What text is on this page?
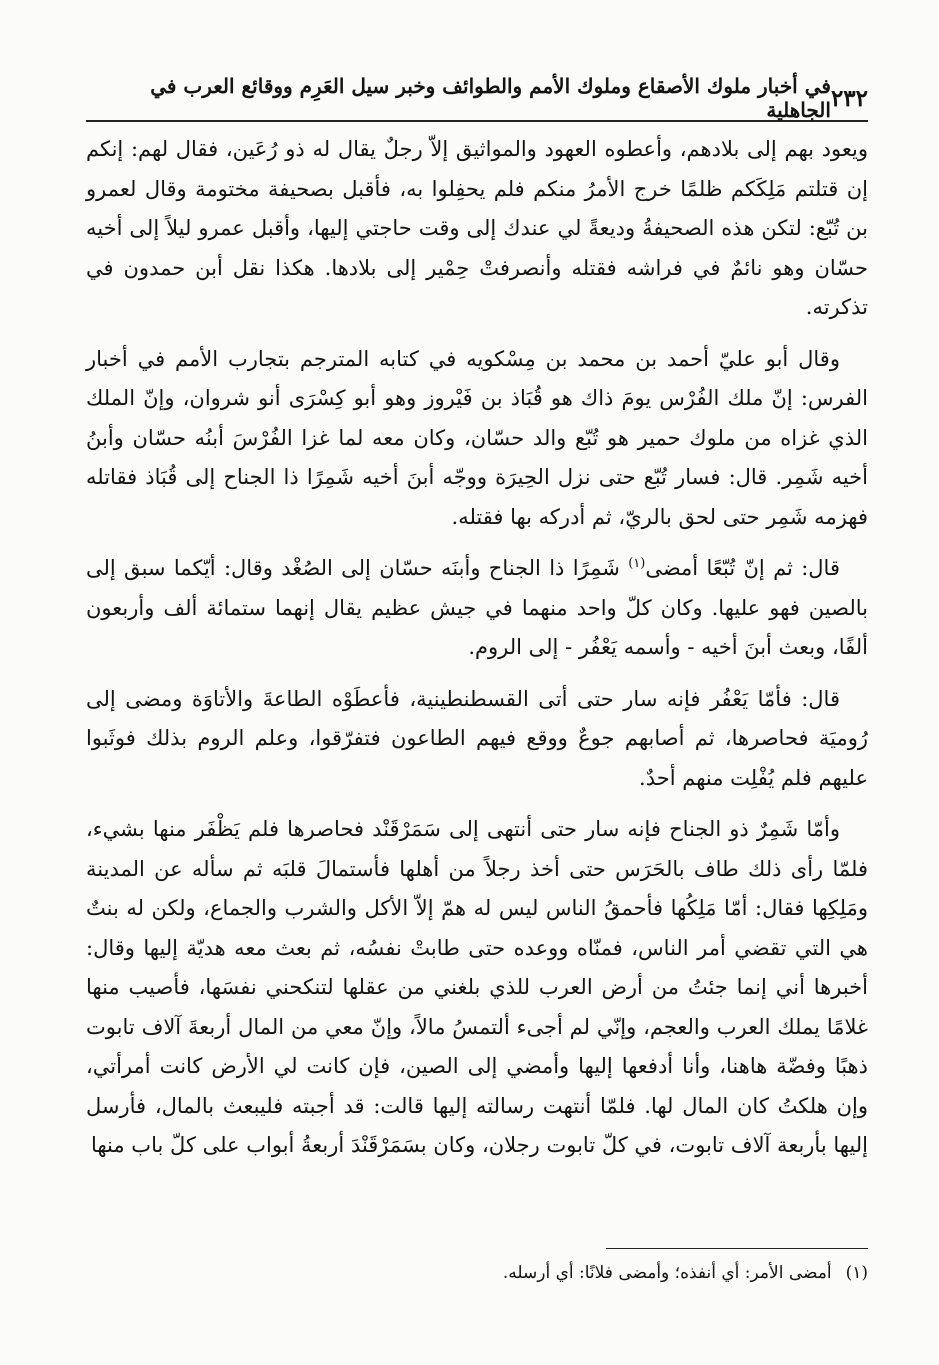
٢٣٢
في أخبار ملوك الأصقاع وملوك الأمم والطوائف وخبر سيل العَرِم ووقائع العرب في الجاهلية

ويعود بهم إلى بلادهم، وأعطوه العهود والمواثيق إلاّ رجلٌ يقال له ذو رُعَين، فقال لهم: إنكم إن قتلتم مَلِكَكم ظلمًا خرج الأمرُ منكم فلم يحفِلوا به، فأقبل بصحيفة مختومة وقال لعمرو بن تُبّع: لتكن هذه الصحيفةُ وديعةً لي عندك إلى وقت حاجتي إليها، وأقبل عمرو ليلاً إلى أخيه حسّان وهو نائمٌ في فراشه فقتله وأنصرفتْ حِمْير إلى بلادها. هكذا نقل أبن حمدون في تذكرته.

وقال أبو عليّ أحمد بن محمد بن مِسْكويه في كتابه المترجم بتجارب الأمم في أخبار الفرس: إنّ ملك الفُرْس يومَ ذاك هو قُبَاذ بن فَيْروز وهو أبو كِسْرَى أنو شروان، وإنّ الملك الذي غزاه من ملوك حمير هو تُبّع والد حسّان، وكان معه لما غزا الفُرْسَ أبنُه حسّان وأبنُ أخيه شَمِر. قال: فسار تُبّع حتى نزل الحِيرَة ووجّه أبنَ أخيه شَمِرًا ذا الجناح إلى قُبَاذ فقاتله فهزمه شَمِر حتى لحق بالريّ، ثم أدركه بها فقتله.

قال: ثم إنّ تُبّعًا أمضى$^{(١)}$ شَمِرًا ذا الجناح وأبنَه حسّان إلى الصُغْد وقال: أيّكما سبق إلى بالصين فهو عليها. وكان كلّ واحد منهما في جيش عظيم يقال إنهما ستمائة ألف وأربعون ألفًا، وبعث أبنَ أخيه - وأسمه يَعْفُر - إلى الروم.

قال: فأمّا يَعْفُر فإنه سار حتى أتى القسطنطينية، فأعطَوْه الطاعةَ والأتاوَة ومضى إلى رُوميَة فحاصرها، ثم أصابهم جوعٌ ووقع فيهم الطاعون فتفرّقوا، وعلم الروم بذلك فوثَبوا عليهم فلم يُفْلِت منهم أحدٌ.

وأمّا شَمِرٌ ذو الجناح فإنه سار حتى أنتهى إلى سَمَرْقَنْد فحاصرها فلم يَظْفَر منها بشيء، فلمّا رأى ذلك طاف بالحَرَس حتى أخذ رجلاً من أهلها فأستمالَ قلبَه ثم سأله عن المدينة ومَلِكِها فقال: أمّا مَلِكُها فأحمقُ الناس ليس له همّ إلاّ الأكل والشرب والجماع، ولكن له بنتٌ هي التي تقضي أمر الناس، فمنّاه ووعده حتى طابتْ نفسُه، ثم بعث معه هديّة إليها وقال: أخبرها أني إنما جئتُ من أرض العرب للذي بلغني من عقلها لتنكحني نفسَها، فأصيب منها غلامًا يملك العرب والعجم، وإنّي لم أجىء ألتمسُ مالاً، وإنّ معي من المال أربعةَ آلاف تابوت ذهبًا وفضّة هاهنا، وأنا أدفعها إليها وأمضي إلى الصين، فإن كانت لي الأرض كانت أمرأتي، وإن هلكتُ كان المال لها. فلمّا أنتهت رسالته إليها قالت: قد أجبته فليبعث بالمال، فأرسل إليها بأربعة آلاف تابوت، في كلّ تابوت رجلان، وكان بسَمَرْقَنْدَ أربعةُ أبواب على كلّ باب منها

(١)أمضى الأمر: أي أنفذه؛ وأمضى فلانًا: أي أرسله.
